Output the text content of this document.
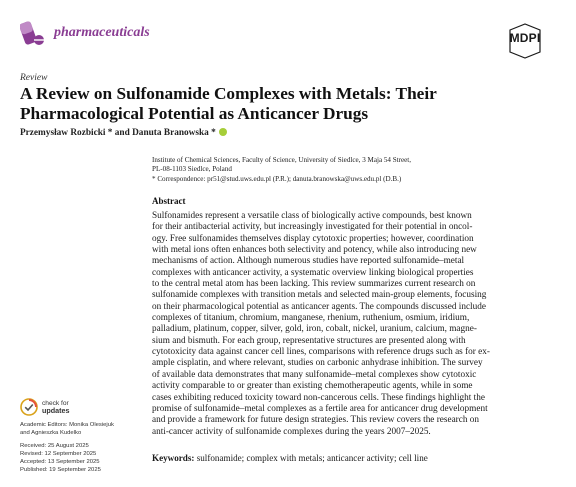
pharmaceuticals	MDPI
Review
A Review on Sulfonamide Complexes with Metals: Their
Pharmacological Potential as Anticancer Drugs
Przemysław Rozbicki * and Danuta Branowska *
Institute of Chemical Sciences, Faculty of Science, University of Siedlce, 3 Maja 54 Street,
PL-08-1103 Siedlce, Poland
* Correspondence: pr51@stud.uws.edu.pl (P.R.); danuta.branowska@uws.edu.pl (D.B.)
Abstract
Sulfonamides represent a versatile class of biologically active compounds, best known
for their antibacterial activity, but increasingly investigated for their potential in oncol-
ogy. Free sulfonamides themselves display cytotoxic properties; however, coordination
with metal ions often enhances both selectivity and potency, while also introducing new
mechanisms of action. Although numerous studies have reported sulfonamide–metal
complexes with anticancer activity, a systematic overview linking biological properties
to the central metal atom has been lacking. This review summarizes current research on
sulfonamide complexes with transition metals and selected main-group elements, focusing
on their pharmacological potential as anticancer agents. The compounds discussed include
complexes of titanium, chromium, manganese, rhenium, ruthenium, osmium, iridium,
palladium, platinum, copper, silver, gold, iron, cobalt, nickel, uranium, calcium, magne-
sium and bismuth. For each group, representative structures are presented along with
cytotoxicity data against cancer cell lines, comparisons with reference drugs such as for ex-
ample cisplatin, and where relevant, studies on carbonic anhydrase inhibition. The survey
of available data demonstrates that many sulfonamide–metal complexes show cytotoxic
activity comparable to or greater than existing chemotherapeutic agents, while in some
cases exhibiting reduced toxicity toward non-cancerous cells. These findings highlight the
promise of sulfonamide–metal complexes as a fertile area for anticancer drug development
and provide a framework for future design strategies. This review covers the research on
anti-cancer activity of sulfonamide complexes during the years 2007–2025.
Keywords: sulfonamide; complex with metals; anticancer activity; cell line
check for
updates
Academic Editors: Monika Olesiejuk
and Agnieszka Kudelko
Received: 25 August 2025
Revised: 12 September 2025
Accepted: 13 September 2025
Published: 19 September 2025
